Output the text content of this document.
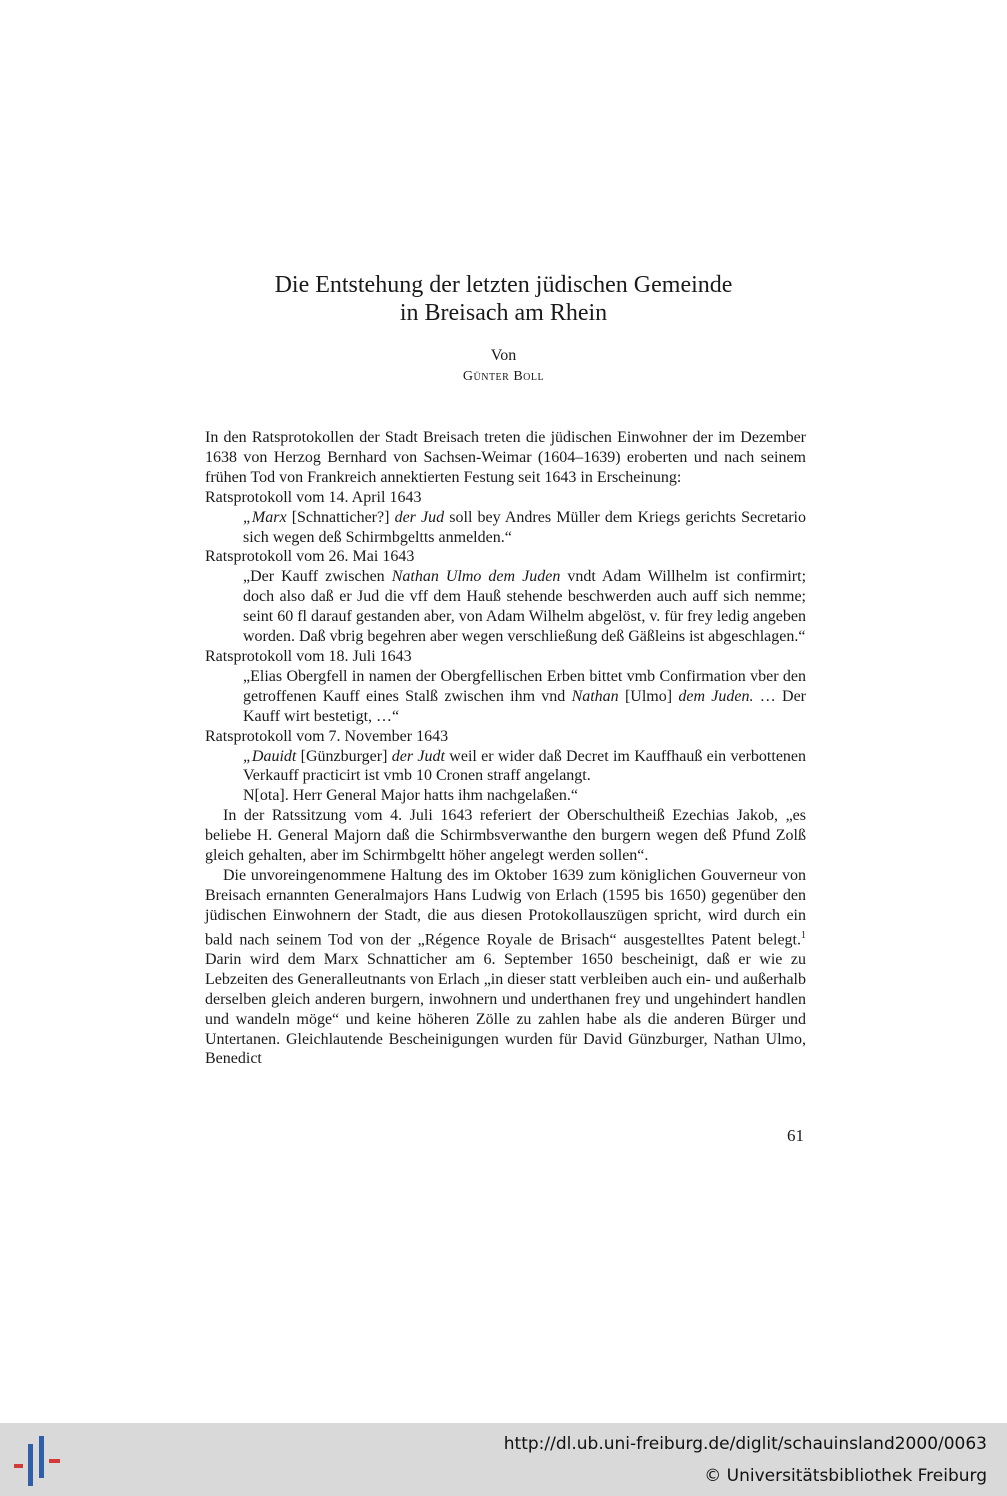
Die Entstehung der letzten jüdischen Gemeinde
in Breisach am Rhein
Von
Günter Boll

In den Ratsprotokollen der Stadt Breisach treten die jüdischen Einwohner der im Dezember 1638 von Herzog Bernhard von Sachsen-Weimar (1604–1639) eroberten und nach seinem frühen Tod von Frankreich annektierten Festung seit 1643 in Erscheinung:

Ratsprotokoll vom 14. April 1643

„Marx [Schnatticher?] der Jud soll bey Andres Müller dem Kriegs gerichts Secretario sich wegen deß Schirmbgeltts anmelden.“

Ratsprotokoll vom 26. Mai 1643

„Der Kauff zwischen Nathan Ulmo dem Juden vndt Adam Willhelm ist confirmirt; doch also daß er Jud die vff dem Hauß stehende beschwerden auch auff sich nemme; seint 60 fl darauf gestanden aber, von Adam Wilhelm abgelöst, v. für frey ledig angeben worden. Daß vbrig begehren aber wegen verschließung deß Gäßleins ist abgeschlagen.“

Ratsprotokoll vom 18. Juli 1643

„Elias Obergfell in namen der Obergfellischen Erben bittet vmb Confirmation vber den getroffenen Kauff eines Stalß zwischen ihm vnd Nathan [Ulmo] dem Juden. … Der Kauff wirt bestetigt, …“

Ratsprotokoll vom 7. November 1643

„Dauidt [Günzburger] der Judt weil er wider daß Decret im Kauffhauß ein verbottenen Verkauff practicirt ist vmb 10 Cronen straff angelangt.

N[ota]. Herr General Major hatts ihm nachgelaßen.“

In der Ratssitzung vom 4. Juli 1643 referiert der Oberschultheiß Ezechias Jakob, „es beliebe H. General Majorn daß die Schirmbsverwanthe den burgern wegen deß Pfund Zolß gleich gehalten, aber im Schirmbgeltt höher angelegt werden sollen“.

Die unvoreingenommene Haltung des im Oktober 1639 zum königlichen Gouverneur von Breisach ernannten Generalmajors Hans Ludwig von Erlach (1595 bis 1650) gegenüber den jüdischen Einwohnern der Stadt, die aus diesen Protokollauszügen spricht, wird durch ein bald nach seinem Tod von der „Régence Royale de Brisach“ ausgestelltes Patent belegt.$^1$ Darin wird dem Marx Schnatticher am 6. September 1650 bescheinigt, daß er wie zu Lebzeiten des Generalleutnants von Erlach „in dieser statt verbleiben auch ein- und außerhalb derselben gleich anderen burgern, inwohnern und underthanen frey und ungehindert handlen und wandeln möge“ und keine höheren Zölle zu zahlen habe als die anderen Bürger und Untertanen. Gleichlautende Bescheinigungen wurden für David Günzburger, Nathan Ulmo, Benedict

61
http://dl.ub.uni-freiburg.de/diglit/schauinsland2000/0063
© Universitätsbibliothek Freiburg
